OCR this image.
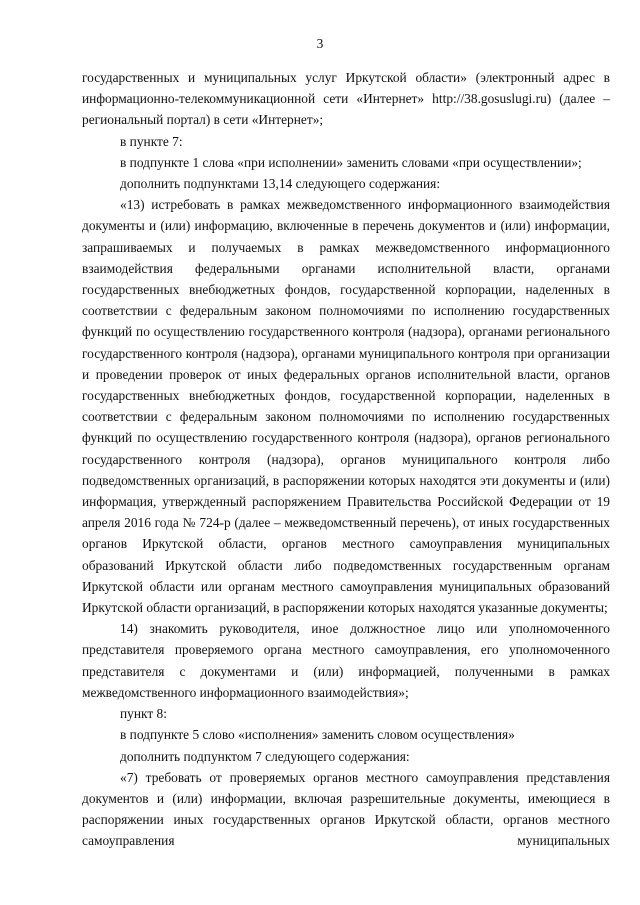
3

государственных и муниципальных услуг Иркутской области» (электронный адрес в информационно-телекоммуникационной сети «Интернет» http://38.gosuslugi.ru) (далее – региональный портал) в сети «Интернет»;

в пункте 7:

в подпункте 1 слова «при исполнении» заменить словами «при осуществлении»;

дополнить подпунктами 13,14 следующего содержания:

«13) истребовать в рамках межведомственного информационного взаимодействия документы и (или) информацию, включенные в перечень документов и (или) информации, запрашиваемых и получаемых в рамках межведомственного информационного взаимодействия федеральными органами исполнительной власти, органами государственных внебюджетных фондов, государственной корпорации, наделенных в соответствии с федеральным законом полномочиями по исполнению государственных функций по осуществлению государственного контроля (надзора), органами регионального государственного контроля (надзора), органами муниципального контроля при организации и проведении проверок от иных федеральных органов исполнительной власти, органов государственных внебюджетных фондов, государственной корпорации, наделенных в соответствии с федеральным законом полномочиями по исполнению государственных функций по осуществлению государственного контроля (надзора), органов регионального государственного контроля (надзора), органов муниципального контроля либо подведомственных организаций, в распоряжении которых находятся эти документы и (или) информация, утвержденный распоряжением Правительства Российской Федерации от 19 апреля 2016 года № 724-р (далее – межведомственный перечень), от иных государственных органов Иркутской области, органов местного самоуправления муниципальных образований Иркутской области либо подведомственных государственным органам Иркутской области или органам местного самоуправления муниципальных образований Иркутской области организаций, в распоряжении которых находятся указанные документы;

14) знакомить руководителя, иное должностное лицо или уполномоченного представителя проверяемого органа местного самоуправления, его уполномоченного представителя с документами и (или) информацией, полученными в рамках межведомственного информационного взаимодействия»;

пункт 8:

в подпункте 5 слово «исполнения» заменить словом осуществления»

дополнить подпунктом 7 следующего содержания:

«7) требовать от проверяемых органов местного самоуправления представления документов и (или) информации, включая разрешительные документы, имеющиеся в распоряжении иных государственных органов Иркутской области, органов местного самоуправления муниципальных
